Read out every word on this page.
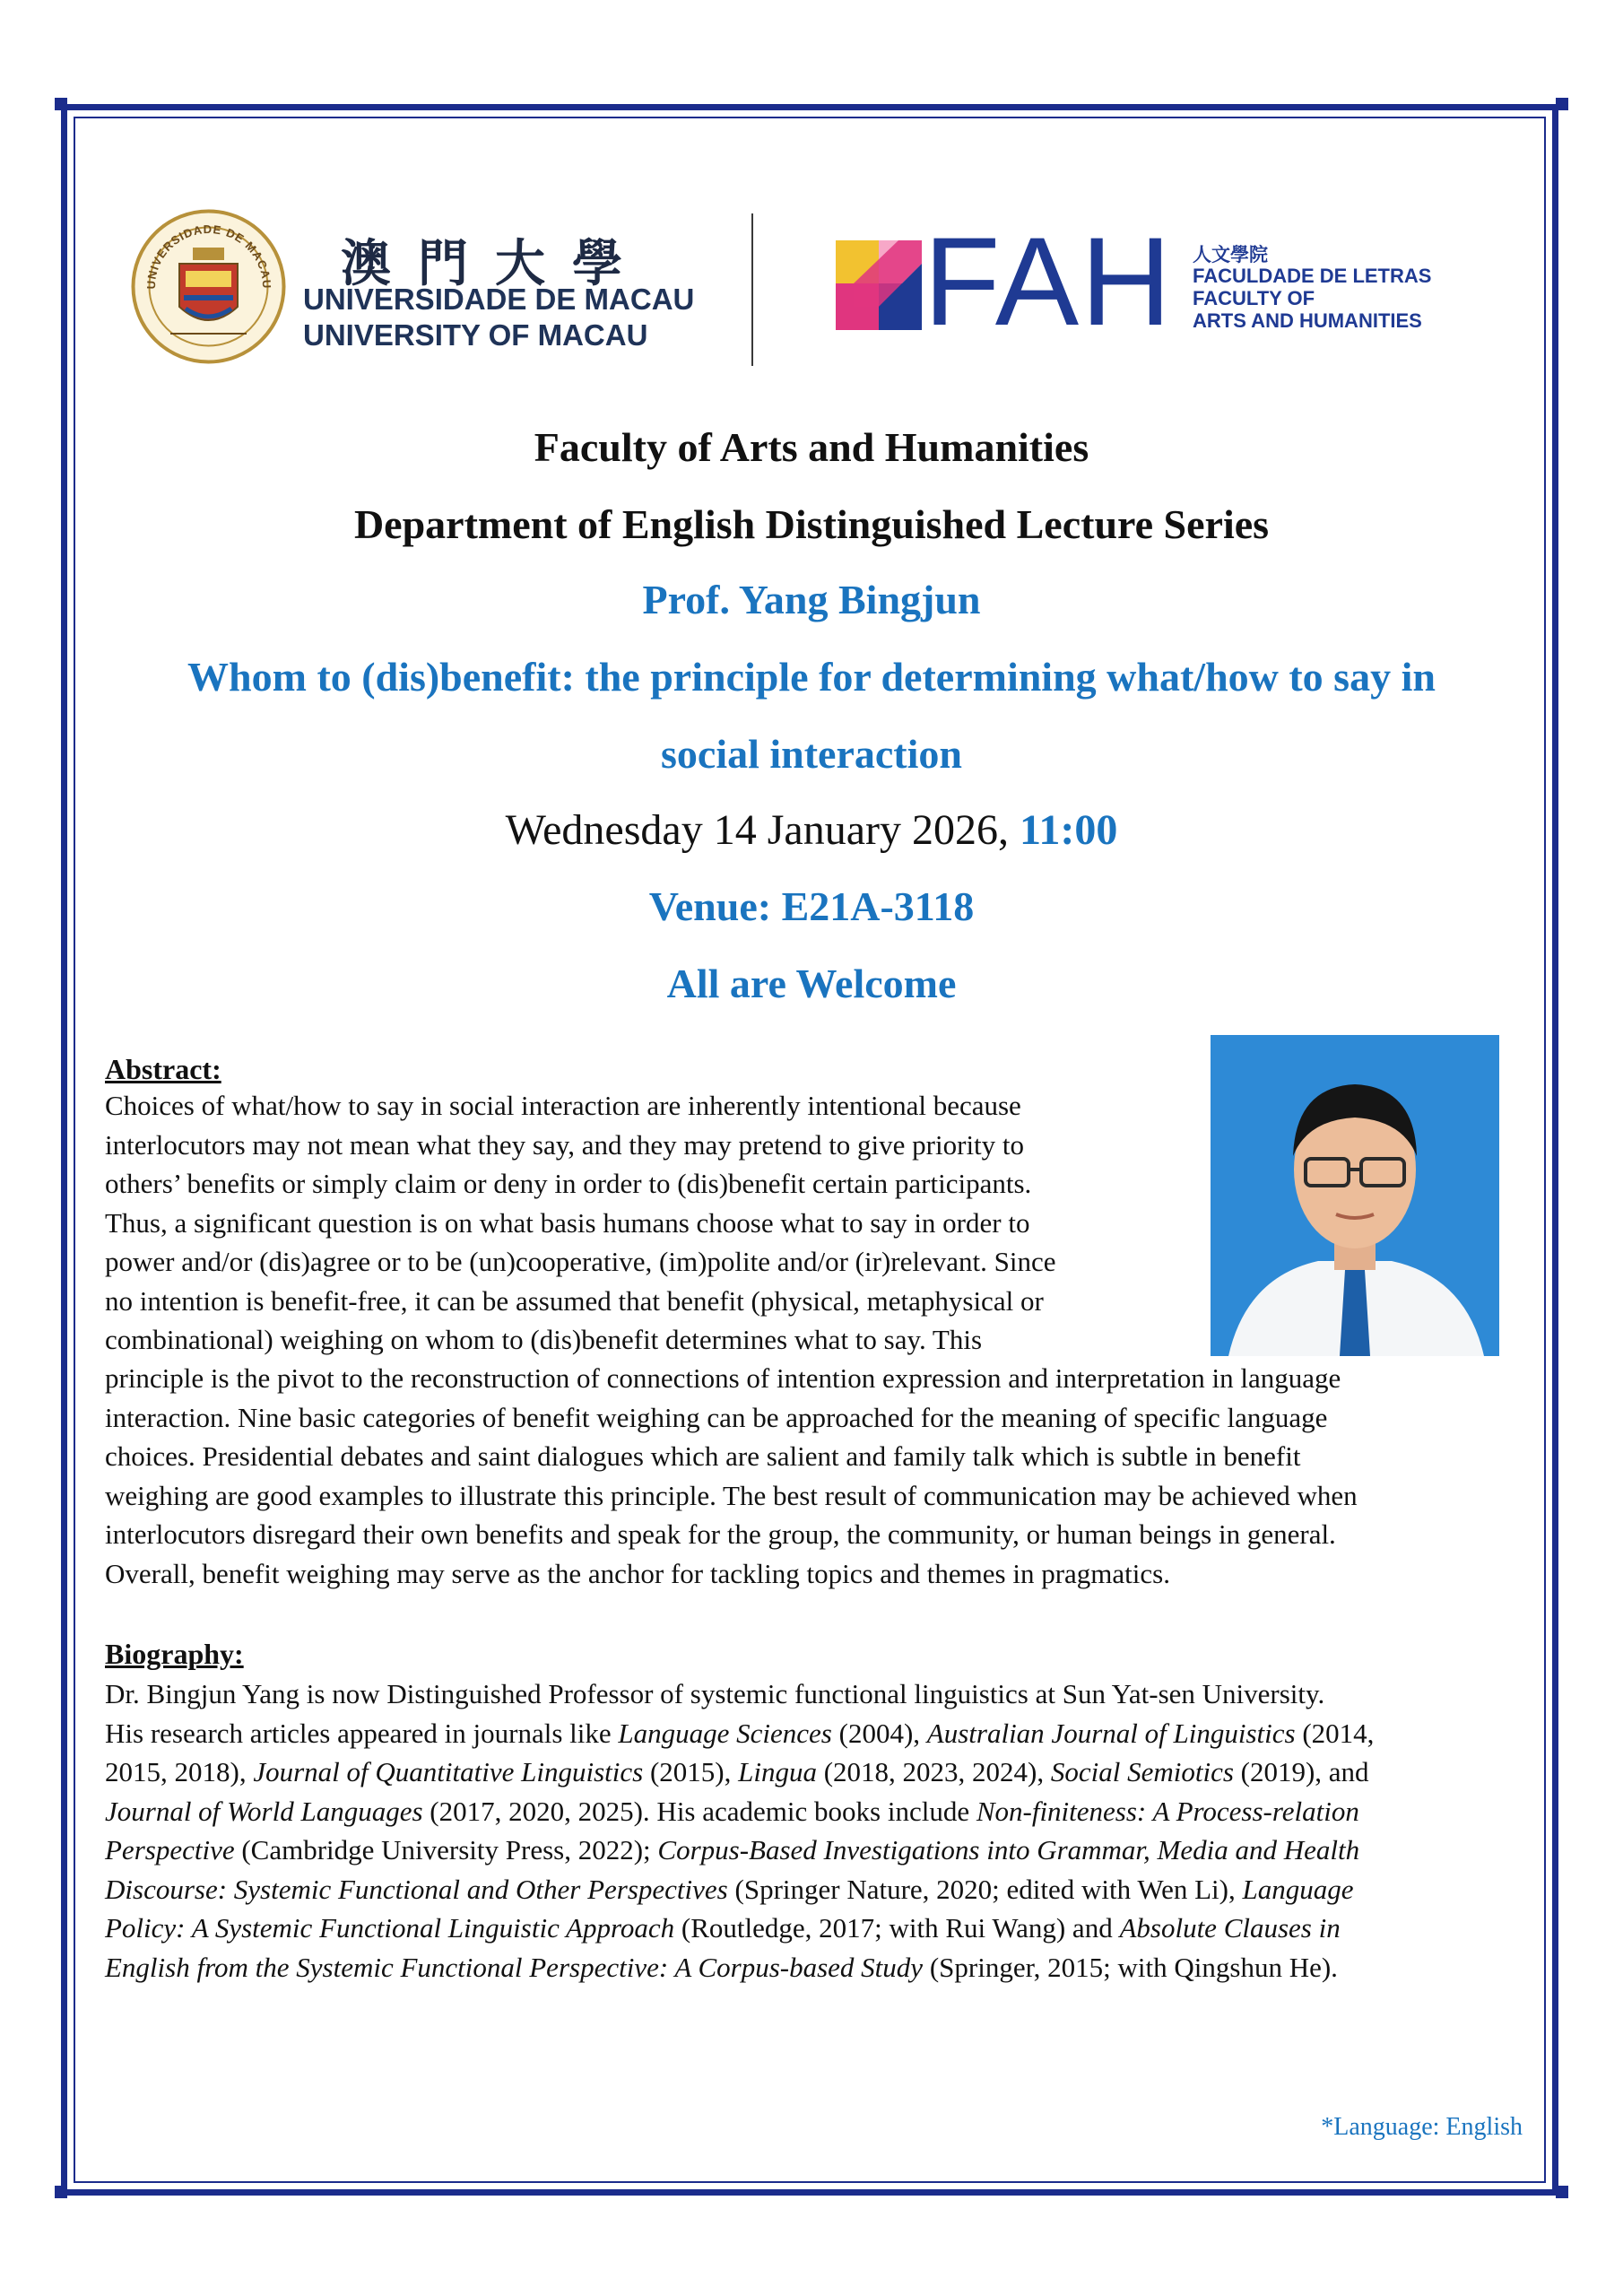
UNIVERSIDADE DE MACAU 澳門大學
UNIVERSIDADE DE MACAU
UNIVERSITY OF MACAU FAH 人文學院
FACULDADE DE LETRAS
FACULTY OF
ARTS AND HUMANITIES
Faculty of Arts and Humanities
Department of English Distinguished Lecture Series
Prof. Yang Bingjun
Whom to (dis)benefit: the principle for determining what/how to say in
social interaction
Wednesday 14 January 2026, 11:00
Venue: E21A-3118
All are Welcome
Abstract:
Choices of what/how to say in social interaction are inherently intentional because
interlocutors may not mean what they say, and they may pretend to give priority to
others’ benefits or simply claim or deny in order to (dis)benefit certain participants.
Thus, a significant question is on what basis humans choose what to say in order to
power and/or (dis)agree or to be (un)cooperative, (im)polite and/or (ir)relevant. Since
no intention is benefit-free, it can be assumed that benefit (physical, metaphysical or
combinational) weighing on whom to (dis)benefit determines what to say. This
principle is the pivot to the reconstruction of connections of intention expression and interpretation in language
interaction. Nine basic categories of benefit weighing can be approached for the meaning of specific language
choices. Presidential debates and saint dialogues which are salient and family talk which is subtle in benefit
weighing are good examples to illustrate this principle. The best result of communication may be achieved when
interlocutors disregard their own benefits and speak for the group, the community, or human beings in general.
Overall, benefit weighing may serve as the anchor for tackling topics and themes in pragmatics.
Biography:
Dr. Bingjun Yang is now Distinguished Professor of systemic functional linguistics at Sun Yat-sen University.
His research articles appeared in journals like Language Sciences (2004), Australian Journal of Linguistics (2014,
2015, 2018), Journal of Quantitative Linguistics (2015), Lingua (2018, 2023, 2024), Social Semiotics (2019), and
Journal of World Languages (2017, 2020, 2025). His academic books include Non-finiteness: A Process-relation
Perspective (Cambridge University Press, 2022); Corpus-Based Investigations into Grammar, Media and Health
Discourse: Systemic Functional and Other Perspectives (Springer Nature, 2020; edited with Wen Li), Language
Policy: A Systemic Functional Linguistic Approach (Routledge, 2017; with Rui Wang) and Absolute Clauses in
English from the Systemic Functional Perspective: A Corpus-based Study (Springer, 2015; with Qingshun He).
*Language: English
